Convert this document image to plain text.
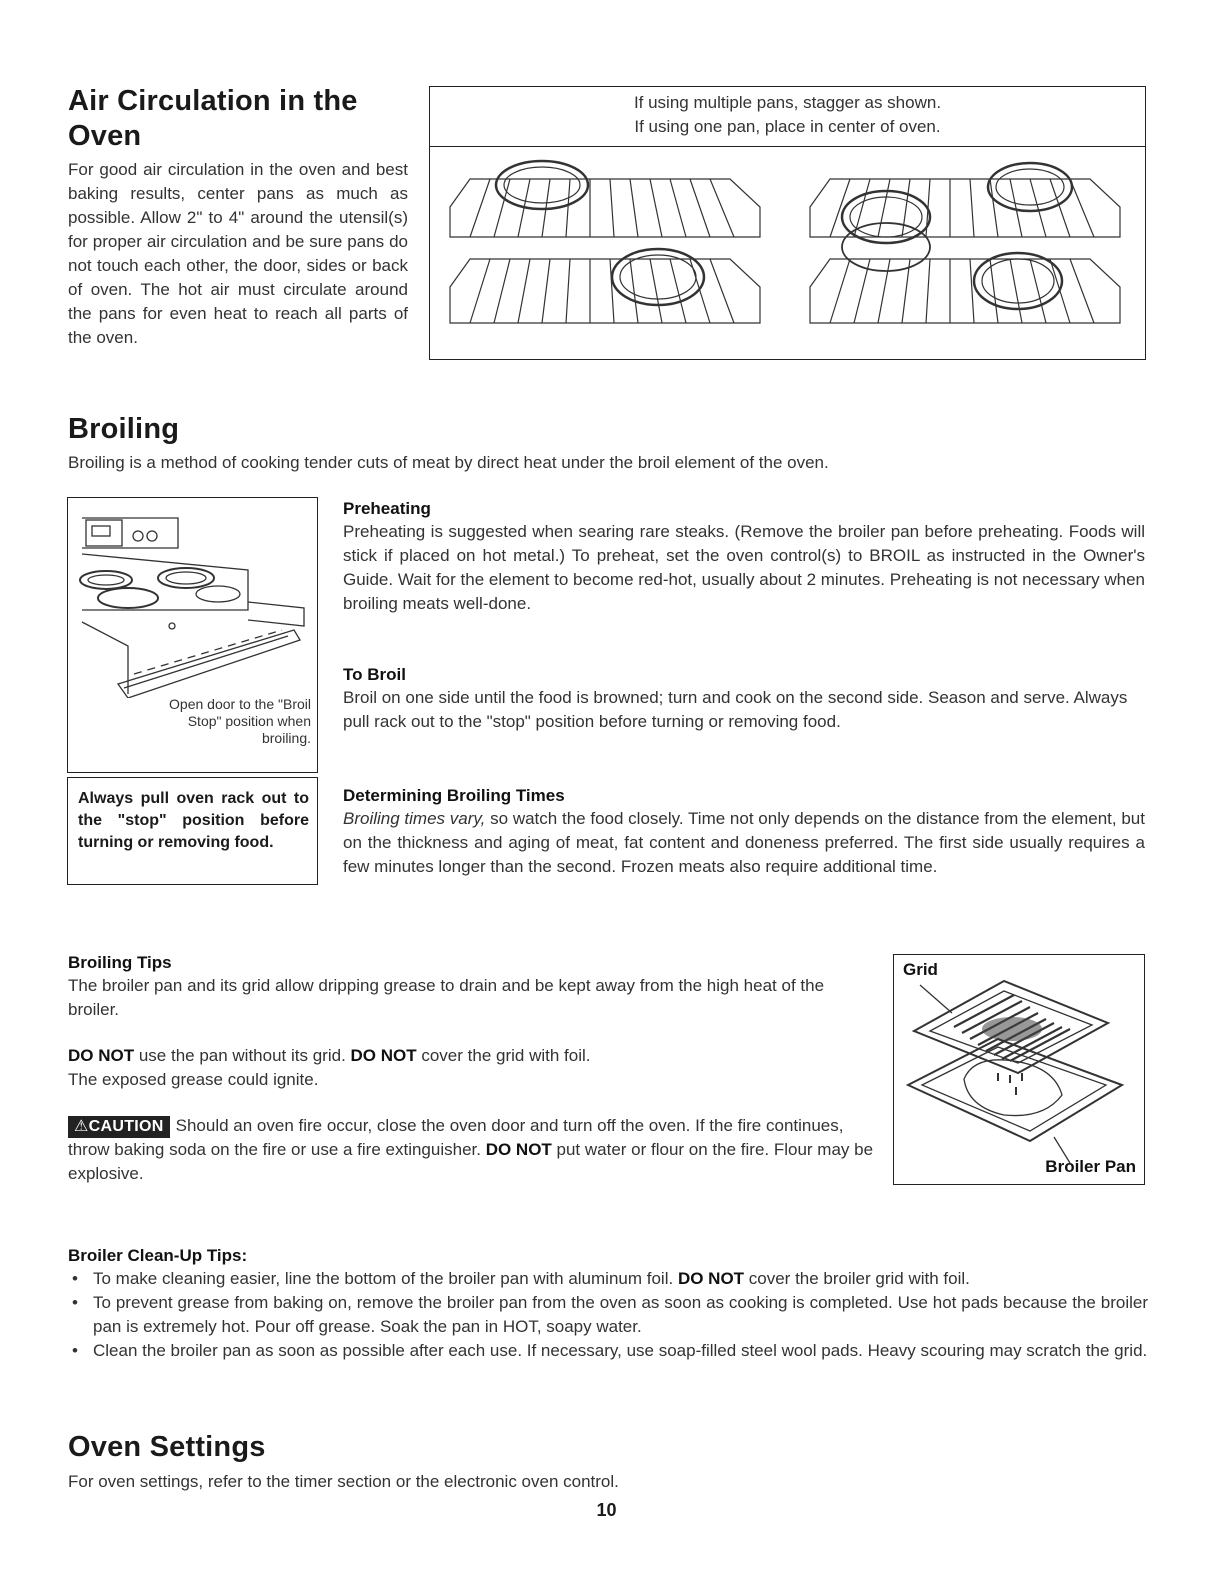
Air Circulation in the
Oven
For good air circulation in the oven and best baking results, center pans as much as possible. Allow 2" to 4" around the utensil(s) for proper air circulation and be sure pans do not touch each other, the door, sides or back of oven. The hot air must circulate around the pans for even heat to reach all parts of the oven.
If using multiple pans, stagger as shown.
If using one pan, place in center of oven.
Broiling
Broiling is a method of cooking tender cuts of meat by direct heat under the broil element of the oven.
Open door to the "Broil Stop" position when broiling.
Always pull oven rack out to the "stop" position before turning or removing food.
Preheating
Preheating is suggested when searing rare steaks. (Remove the broiler pan before preheating. Foods will stick if placed on hot metal.) To preheat, set the oven control(s) to BROIL as instructed in the Owner's Guide. Wait for the element to become red-hot, usually about 2 minutes. Preheating is not necessary when broiling meats well-done.
To Broil
Broil on one side until the food is browned; turn and cook on the second side. Season and serve. Always pull rack out to the "stop" position before turning or removing food.
Determining Broiling Times
Broiling times vary, so watch the food closely. Time not only depends on the distance from the element, but on the thickness and aging of meat, fat content and doneness preferred. The first side usually requires a few minutes longer than the second. Frozen meats also require additional time.
Broiling Tips
The broiler pan and its grid allow dripping grease to drain and be kept away from the high heat of the broiler.
DO NOT use the pan without its grid. DO NOT cover the grid with foil.
The exposed grease could ignite.
⚠CAUTION Should an oven fire occur, close the oven door and turn off the oven. If the fire continues, throw baking soda on the fire or use a fire extinguisher. DO NOT put water or flour on the fire. Flour may be explosive.
Grid
Broiler Pan
Broiler Clean-Up Tips:
• To make cleaning easier, line the bottom of the broiler pan with aluminum foil. DO NOT cover the broiler grid with foil.
• To prevent grease from baking on, remove the broiler pan from the oven as soon as cooking is completed. Use hot pads because the broiler pan is extremely hot. Pour off grease. Soak the pan in HOT, soapy water.
• Clean the broiler pan as soon as possible after each use. If necessary, use soap-filled steel wool pads. Heavy scouring may scratch the grid.
Oven Settings
For oven settings, refer to the timer section or the electronic oven control.
10
